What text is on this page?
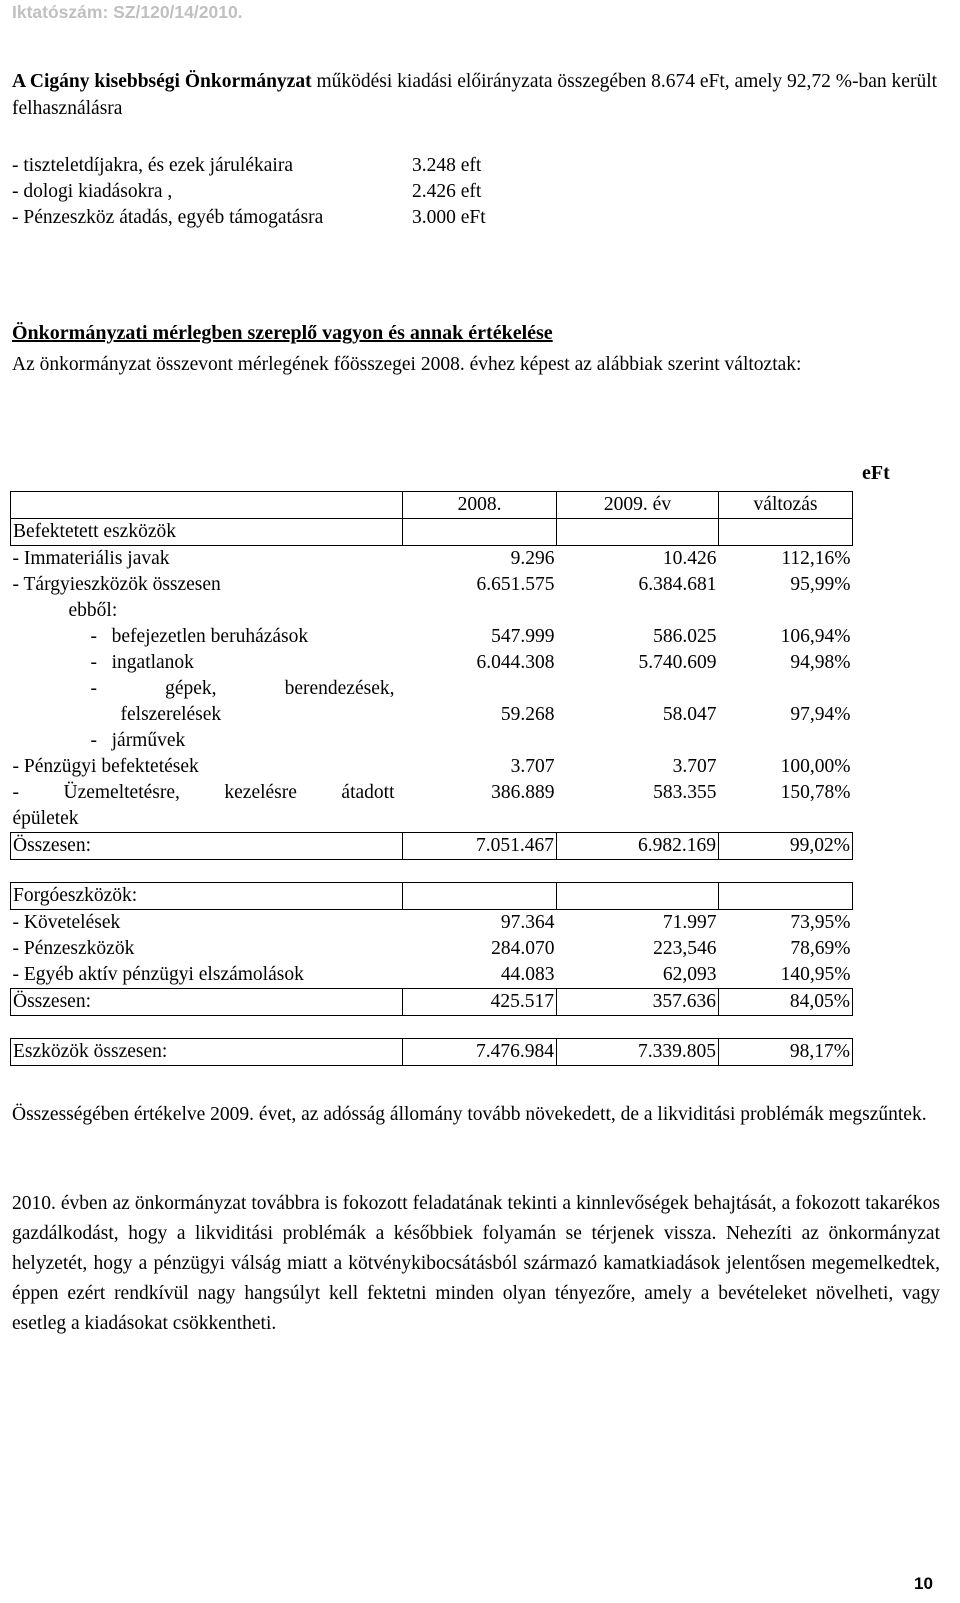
Iktatószám: SZ/120/14/2010.
A Cigány kisebbségi Önkormányzat működési kiadási előirányzata összegében 8.674 eFt, amely 92,72 %-ban került felhasználásra
- tiszteletdíjakra, és ezek járulékaira	3.248 eft
- dologi kiadásokra ,	2.426 eft
- Pénzeszköz átadás, egyéb támogatásra	3.000 eFt
Önkormányzati mérlegben szereplő vagyon és annak értékelése
Az önkormányzat összevont mérlegének főösszegei 2008. évhez képest az alábbiak szerint változtak:
eFt
	2008.	2009. év	változás
Befektetett eszközök			
- Immateriális javak	9.296	10.426	112,16%
- Tárgyieszközök összesen	6.651.575	6.384.681	95,99%
ebből:			
-   befejezetlen beruházások	547.999	586.025	106,94%
-   ingatlanok	6.044.308	5.740.609	94,98%

- gépek, berendezések,			

felszerelések	59.268	58.047	97,94%
-   járművek			
- Pénzügyi befektetések	3.707	3.707	100,00%

- Üzemeltetésre, kezelésre átadott	386.889	583.355	150,78%
épületek			
Összesen:	7.051.467	6.982.169	99,02%

Forgóeszközök:			
- Követelések	97.364	71.997	73,95%
- Pénzeszközök	284.070	223,546	78,69%
- Egyéb aktív pénzügyi elszámolások	44.083	62,093	140,95%
Összesen:	425.517	357.636	84,05%

Eszközök összesen:	7.476.984	7.339.805	98,17%
Összességében értékelve 2009. évet, az adósság állomány tovább növekedett, de a likviditási problémák megszűntek.
2010. évben az önkormányzat továbbra is fokozott feladatának tekinti a kinnlevőségek behajtását, a fokozott takarékos gazdálkodást, hogy a likviditási problémák a későbbiek folyamán se térjenek vissza. Nehezíti az önkormányzat helyzetét, hogy a pénzügyi válság miatt a kötvénykibocsátásból származó kamatkiadások jelentősen megemelkedtek, éppen ezért rendkívül nagy hangsúlyt kell fektetni minden olyan tényezőre, amely a bevételeket növelheti, vagy esetleg a kiadásokat csökkentheti.
10
